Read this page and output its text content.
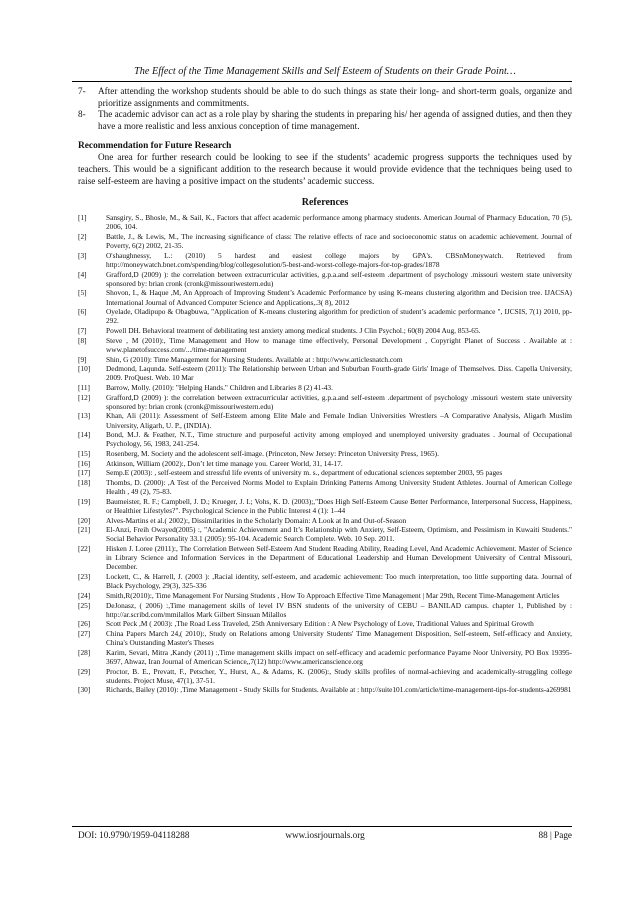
The Effect of the Time Management Skills and Self Esteem of Students on their Grade Point…
7- After attending the workshop students should be able to do such things as state their long- and short-term goals, organize and prioritize assignments and commitments.
8- The academic advisor can act as a role play by sharing the students in preparing his/ her agenda of assigned duties, and then they have a more realistic and less anxious conception of time management.
Recommendation for Future Research
One area for further research could be looking to see if the students’ academic progress supports the techniques used by teachers. This would be a significant addition to the research because it would provide evidence that the techniques being used to raise self-esteem are having a positive impact on the students’ academic success.
References
[1]	Sansgiry, S., Bhosle, M., & Sail, K., Factors that affect academic performance among pharmacy students. American Journal of Pharmacy Education, 70 (5), 2006, 104.
[2]	Battle, J., & Lewis, M., The increasing significance of class: The relative effects of race and socioeconomic status on academic achievement. Journal of Poverty, 6(2) 2002, 21-35.
[3]	O'shaughnessy, L.: (2010) 5 hardest and easiest college majors by GPA's. CBSnMoneywatch. Retrieved from http://moneywatch.bnet.com/spending/blog/collegesolution/5-best-and-worst-college-majors-for-top-grades/1878
[4]	Grafford,D (2009) ): the correlation between extracurricular activities, g.p.a.and self-esteem .department of psychology .missouri western state university sponsored by: brian cronk (cronk@missouriwestern.edu)
[5]	Shovon, I., & Haque ,M, An Approach of Improving Student’s Academic Performance by using K-means clustering algorithm and Decision tree. IJACSA) International Journal of Advanced Computer Science and Applications,.3( 8), 2012
[6]	Oyelade, Oladipupo & Obagbuwa, "Application of K-means clustering algorithm for prediction of student’s academic performance ", IJCSIS, 7(1) 2010, pp-292.
[7]	Powell DH. Behavioral treatment of debilitating test anxiety among medical students. J Clin Psychol.; 60(8) 2004 Aug, 853-65.
[8]	Steve , M (2010):, Time Management and How to manage time effectively, Personal Development , Copyright Planet of Success . Available at : www.planetofsuccess.com/.../time-management
[9]	Shin, G (2010): Time Management for Nursing Students. Available at : http://www.articlesnatch.com
[10] Dedmond, Laqunda. Self-esteem (2011): The Relationship between Urban and Suburban Fourth-grade Girls' Image of Themselves. Diss. Capella University, 2009. ProQuest. Web. 10 Mar
[11] Barrow, Molly. (2010): "Helping Hands." Children and Libraries 8 (2) 41-43.
[12] Grafford,D (2009) ): the correlation between extracurricular activities, g.p.a.and self-esteem .department of psychology .missouri western state university sponsored by: brian cronk (cronk@missouriwestern.edu)
[13] Khan, Ali (2011): Assessment of Self-Esteem among Elite Male and Female Indian Universities Wrestlers –A Comparative Analysis, Aligarh Muslim University, Aligarh, U. P., (INDIA).
[14] Bond, M.J. & Feather, N.T., Time structure and purposeful activity among employed and unemployed university graduates . Journal of Occupational Psychology, 56, 1983, 241-254.
[15] Rosenberg, M. Society and the adolescent self-image. (Princeton, New Jersey: Princeton University Press, 1965).
[16] Atkinson, William (2002):, Don’t let time manage you. Career World, 31, 14-17.
[17] Semp.E (2003): , self-esteem and stressful life events of university m. s., department of educational sciences september 2003, 95 pages
[18] Thombs, D. (2000): ,A Test of the Perceived Norms Model to Explain Drinking Patterns Among University Student Athletes. Journal of American College Health , 49 (2), 75-83.
[19] Baumeister, R. F.; Campbell, J. D.; Krueger, J. I.; Vohs, K. D. (2003);,"Does High Self-Esteem Cause Better Performance, Interpersonal Success, Happiness, or Healthier Lifestyles?". Psychological Science in the Public Interest 4 (1): 1–44
[20] Alves-Martins et al.( 2002):, Dissimilarities in the Scholarly Domain: A Look at In and Out-of-Season
[21] El-Anzi, Freih Owayed(2005) :, "Academic Achievement and It’s Relationship with Anxiety, Self-Esteem, Optimism, and Pessimism in Kuwaiti Students." Social Behavior Personality 33.1 (2005): 95-104. Academic Search Complete. Web. 10 Sep. 2011.
[22] Hisken J. Loree (2011):, The Correlation Between Self-Esteem And Student Reading Ability, Reading Level, And Academic Achievement. Master of Science in Library Science and Information Services in the Department of Educational Leadership and Human Development University of Central Missouri, December.
[23] Lockett, C., & Harrell, J. (2003 ): ,Racial identity, self-esteem, and academic achievement: Too much interpretation, too little supporting data. Journal of Black Psychology, 29(3), 325-336
[24] Smith,R(2010):, Time Management For Nursing Students , How To Approach Effective Time Management | Mar 29th, Recent Time-Management Articles
[25] DeJonasz, ( 2006) :,Time management skills of level IV BSN students of the university of CEBU – BANILAD campus. chapter 1, Published by : http://ar.scribd.com/mmilallos Mark Gilbert Sinsuan Milallos
[26] Scott Peck ,M ( 2003): ,The Road Less Traveled, 25th Anniversary Edition : A New Psychology of Love, Traditional Values and Spiritual Growth
[27] China Papers March 24,( 2010):, Study on Relations among University Students' Time Management Disposition, Self-esteem, Self-efficacy and Anxiety, China's Outstanding Master's Theses
[28] Karim, Sevari, Mitra ,Kandy (2011) :,Time management skills impact on self-efficacy and academic performance Payame Noor University, PO Box 19395-3697, Ahwaz, Iran Journal of American Science,,7(12) http://www.americanscience.org
[29] Proctor, B. E., Prevatt, F., Petscher, Y., Hurst, A., & Adams, K. (2006):, Study skills profiles of normal-achieving and academically-struggling college students. Project Muse, 47(1), 37-51.
[30] Richards, Bailey (2010): ,Time Management - Study Skills for Students. Available at : http://suite101.com/article/time-management-tips-for-students-a269981
DOI: 10.9790/1959-04118288	www.iosrjournals.org	88 | Page
